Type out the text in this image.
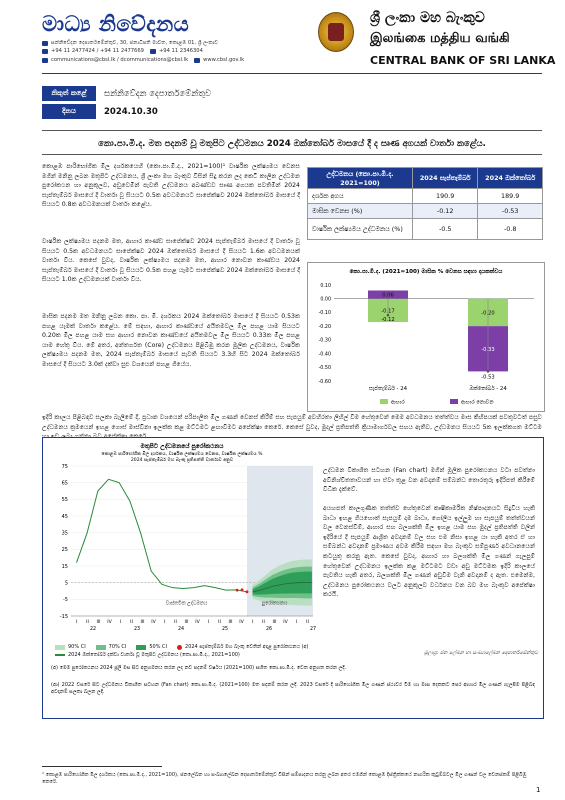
මාධ්‍ය නිවේදනය
සන්නිවේදන දෙපාර්තමේන්තුව, 30, ජනාධිපති මාවත, කොළඹ 01, ශ්‍රී ලංකාව
+94 11 2477424 / +94 11 2477669	+94 11 2346304
communications@cbsl.lk / dcommunications@cbsl.lk	www.cbsl.gov.lk
ශ්‍රී ලංකා මහ බැංකුව
இலங்கை மத்திய வங்கி
CENTRAL BANK OF SRI LANKA
නිකුත් කළේ	සන්නිවේදන දෙපාර්තමේන්තුව
දිනය	2024.10.30
කො.පා.මි.ද. මත පදනම් වූ මතුපිට උද්ධමනය 2024 ඔක්තෝබර් මාසයේ දී ද සෘණ අගයක් වාර්තා කළේය.
කොළඹ පාරිභෝගික මිල දර්ශකයෙහි (කො.පා.මි.ද., 2021=100)¹ වාර්ෂික ලක්ෂ්‍යමය වෙනස මගින් මනිනු ලබන මතුපිට උද්ධමනය, ශ්‍රී ලංකා මහ බැංකුව විසින් සිදු කරන ලද කෙටි කාලීන උද්ධමන පුරෝකථන හා අනුකූලව, අඩුවෙමින් පැවති උද්ධමනය අඛණ්ඩව සෘණ අගයක පවතිමින් 2024 සැප්තැම්බර් මාසයේ දී වාර්තා වූ සියයට 0.5ක අවධමනයට සාපේක්ෂව 2024 ඔක්තෝබර් මාසයේ දී සියයට 0.8ක අවධමනයක් වාර්තා කළේය.
වාර්ෂික ලක්ෂ්‍යමය පදනම මත, ආහාර කාණ්ඩ සාපේක්ෂව 2024 සැප්තැම්බර් මාසයේ දී වාර්තා වූ සියයට 0.5ක අවධමනයට සාපේක්ෂව 2024 ඔක්තෝබර් මාසයේ දී සියයට 1.6ක අවධමනයක් වාර්තා විය. කෙසේ වුවද, වාර්ෂික ලක්ෂ්‍යමය පදනම මත, ආහාර නොවන කාණ්ඩය 2024 සැප්තැම්බර් මාසයේ දී වාර්තා වූ සියයට 0.5ක පහළ යෑමට සාපේක්ෂව 2024 ඔක්තෝබර් මාසයේ දී සියයට 1.0ක උද්ධමනයක් වාර්තා විය.
මාසික පදනම මත මනිනු ලබන කො. පා. මි. දර්ශකය 2024 ඔක්තෝබර් මාසයේ දී සියයට 0.53ක පහළ යෑමක් වාර්තා කළේය. මේ සඳහා, ආහාර කාණ්ඩයේ අයිතමවල මිල පහළ යාම සියයට 0.20ක මිල පහළ යාම සහ ආහාර නොවන කාණ්ඩයේ අයිතමවල මිල සියයට 0.33ක මිල පහළ යාම හේතු විය. මේ අතර, අන්තර්ගත (Core) උද්ධමනය පිළිබිඹු කරන මූලික උද්ධමනය, වාර්ෂික ලක්ෂ්‍යමය පදනම මත, 2024 සැප්තැම්බර් මාසයේ පැවති සියයට 3.3හි සිට 2024 ඔක්තෝබර් මාසයේ දී සියයට 3.0ක් දක්වා සුළු වශයෙන් පහළ ගියේය.
උද්ධමනය (කො.පා.මි.ද. 2021=100)	2024 සැප්තැම්බර්	2024 ඔක්තෝබර්
දර්ශක අගය	190.9	189.9
මාසික වෙනස (%)	-0.12	-0.53
වාර්ෂික ලක්ෂ්‍යමය උද්ධමනය (%)	-0.5	-0.8
කො.පා.මි.ද. (2021=100) මාසික % වෙනස සඳහා දායකත්වය
0.10
0.00
-0.10
-0.20
-0.30
-0.40
-0.50
-0.60
-0.17
0.06
-0.12
සැප්තැම්බර් - 24
-0.20
-0.33
-0.53
ඔක්තෝබර් - 24
ආහාර	ආහාර නොවන
ඉදිරි කාලය පිළිබඳව සලකා බැලීමේ දී, ප්‍රධාන වශයෙන් පරිපාලිත මිල ගණන් වෙනස් කිරීම් සහ සැපයුම් අවහිරතා ලිහිල් වීම හේතුවෙන් මෙම අවධමනය තත්ත්වය මාස කිහිපයක් පවතුවටත් පසුව උද්ධමනය ක්‍රමයෙන් ඉහළ ගොස් මාස්විනා ඉලක්ක කළ මට්ටමට ළඟාවීමට අපේක්ෂා කෙරේ. කෙසේ වුවද, මුදල් ප්‍රතිපත්ති ක්‍රියාමාර්ගවල සහය ඇතිව, උද්ධමනය සියයට 5ක ඉලක්කගත මට්ටම
මතුපිට උද්ධමනයේ පුරෝකථනය
කොළඹ පාරිභෝගික මිල දර්ශකය, වාර්ෂික ලක්ෂ්‍යමය වෙනස, වාර්ෂික ලක්ෂ්‍යමය %
2024 සැප්තැම්බර් මහ බැංකු ප්‍රතිපත්ති වාර්තාව අනුව
75
65
55
45
35
25
15
5
-5
-15
I II III IV I II III IV I II III IV I II III IV I II III IV I II
22	23	24	25	26	27
වාස්තවික උද්ධමනය	පුරෝකථනය
90% CI	70% CI	50% CI	2024 සැප්තැම්බර් මහ බැංකු වෙතින් අදාළ පුරෝකථනය (අ)
2024 ඔක්තෝබර් දක්වා වාර්තා වූ මතුපිට උද්ධමනය (කො.පා.මි.ද., 2021=100)
උද්ධමන විකාශිත සටහන (Fan chart) මගින් මූලික පුරෝකථනය වටා පවත්නා අවිනිශ්චිතතාවයන් හා ඒවා තුළ වන අවදානම් සම්බන්ධ තොරතුරු ඉදිරිපත් කිරීමේ විධික දැක්වේ.
අයහපත් කාලගුණික තත්ත්ව හේතුවෙන් කෘෂිකාර්මික නිෂ්පාදනයට සිදුවිය හැකි බාධා ඉහළ ගියහොත් සැපයුම් දාම බාධා, ගෝලීය ඉල්ලුම හා සැපයුම් තත්ත්වයන් වල වෙනස්වීම්, ආහාර සහ බලශක්ති මිල ඉහළ යාම සහ මුදල් ප්‍රතිපත්ති වලින් ඉදිරියේ දී සැපයුම් ආශ්‍රිත අවදානම් වල සහ එම නිසා ඉහළ යා හැකි අතර ඒ හා සම්බන්ධ අවදානම් ප්‍රමාණය අවම කිරීම සඳහා මහ බැංකුව සම්පූර්ණ අවධානයෙන් කටයුතු කරනු ඇත. කෙසේ වුවද, ආහාර හා බලශක්ති මිල ගණන් ගැලපුම් හේතුවෙන් උද්ධමනය ඉලක්ක කළ මට්ටමට වඩා අඩු මට්ටමක ඉදිරි කාලයේ පැවතිය හැකි අතර, බලශක්ති මිල ගණන් අඩුවීම වැනි අවදානම් ද ඇත. එමෙන්ම, උද්ධමනය පුරෝකථනය වලට අනුකූලව වර්ධනය වන බව මහ බැංකුව අපේක්ෂා කරයි.
මූලාශ්‍ර: ජන ලේඛන හා සංඛ්‍යාලේඛන දෙපාර්තමේන්තුව
(අ) මෙම පුරෝකථනය 2024 ජූලි මස සිට අනුගමනය කරන ලද නව පදනම් වර්ෂය (2021=100) සහිත කො.පා.මි.ද. වෙත අනුගත කරන ලදී.
(ආ) 2022 වසරේ සිට උද්ධමනය විකාශිත සටහන (Fan chart) කො.පා.මි.ද. (2021=100) මත පදනම් කරන ලදී. 2023 වසරේ දී පාරිභෝගික මිල ගණන් ස්ථාවර වීම හා මාස දෙකකට පෙර ආහාර මිල ගණන් ගැලපීම පිළිබඳ අවදානම් සලකා බලන ලදී.
¹ කොළඹ පාරිභෝගික මිල දර්ශකය (කො.පා.මි.ද., 2021=100), ජනලේඛන හා සංඛ්‍යාලේඛන දෙපාර්තමේන්තුව විසින් සම්පාදනය කරනු ලබන අතර එමගින් කොළඹ දිස්ත්‍රික්කයේ නාගරික කුටුම්බවල මිල ගණන් වල වෙනස්කම් පිළිබිඹු කෙරේ.
1
